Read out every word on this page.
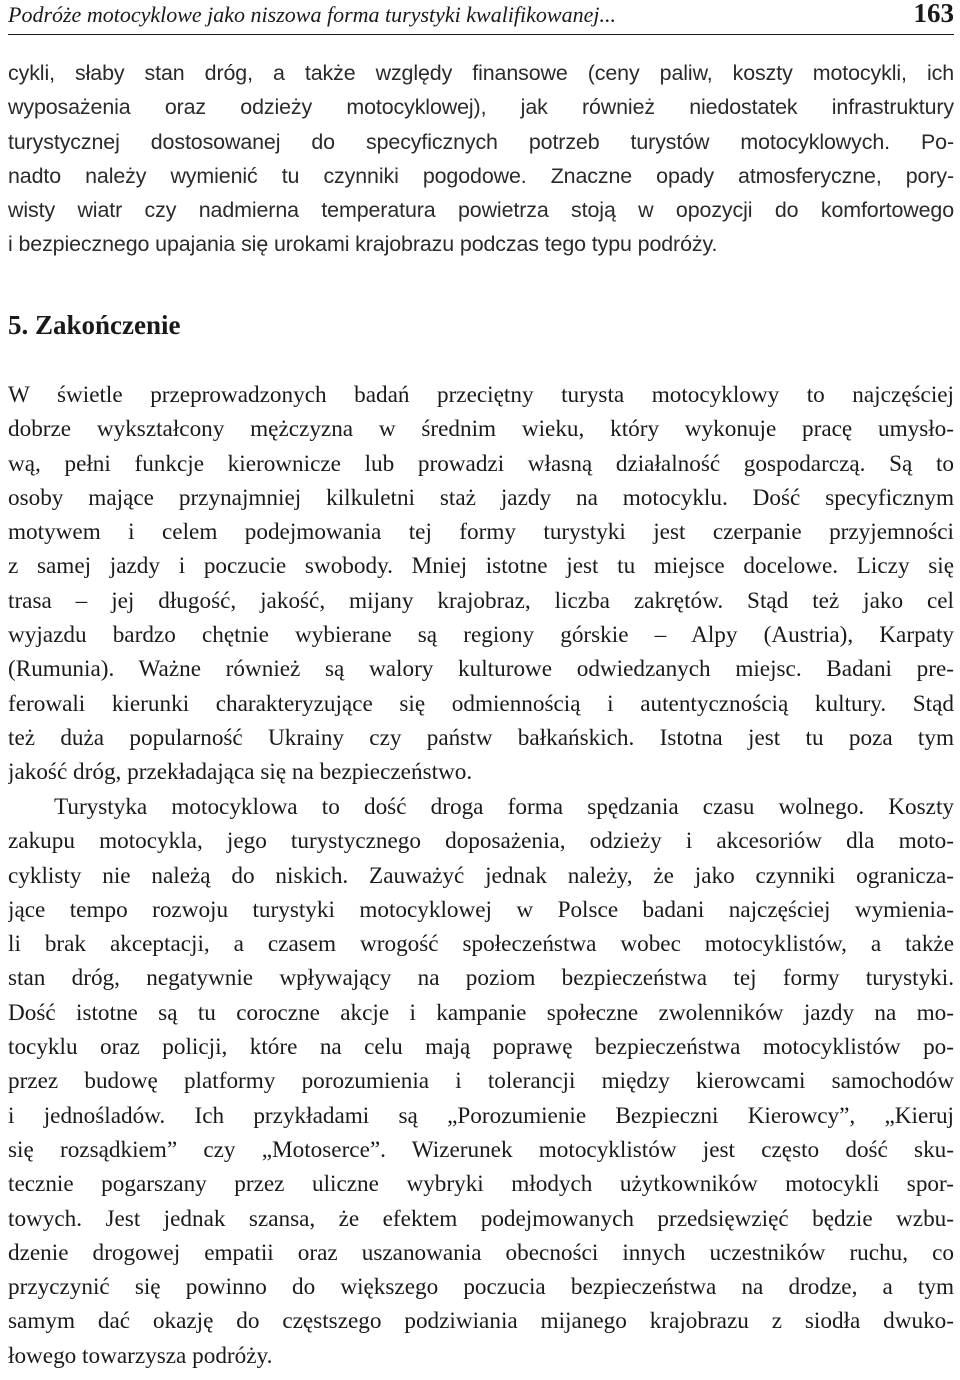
Podróże motocyklowe jako niszowa forma turystyki kwalifikowanej...	163
cykli, słaby stan dróg, a także względy finansowe (ceny paliw, koszty motocykli, ich
wyposażenia oraz odzieży motocyklowej), jak również niedostatek infrastruktury
turystycznej dostosowanej do specyficznych potrzeb turystów motocyklowych. Po-
nadto należy wymienić tu czynniki pogodowe. Znaczne opady atmosferyczne, pory-
wisty wiatr czy nadmierna temperatura powietrza stoją w opozycji do komfortowego
i bezpiecznego upajania się urokami krajobrazu podczas tego typu podróży.
5. Zakończenie
W świetle przeprowadzonych badań przeciętny turysta motocyklowy to najczęściej
dobrze wykształcony mężczyzna w średnim wieku, który wykonuje pracę umysło-
wą, pełni funkcje kierownicze lub prowadzi własną działalność gospodarczą. Są to
osoby mające przynajmniej kilkuletni staż jazdy na motocyklu. Dość specyficznym
motywem i celem podejmowania tej formy turystyki jest czerpanie przyjemności
z samej jazdy i poczucie swobody. Mniej istotne jest tu miejsce docelowe. Liczy się
trasa – jej długość, jakość, mijany krajobraz, liczba zakrętów. Stąd też jako cel
wyjazdu bardzo chętnie wybierane są regiony górskie – Alpy (Austria), Karpaty
(Rumunia). Ważne również są walory kulturowe odwiedzanych miejsc. Badani pre-
ferowali kierunki charakteryzujące się odmiennością i autentycznością kultury. Stąd
też duża popularność Ukrainy czy państw bałkańskich. Istotna jest tu poza tym
jakość dróg, przekładająca się na bezpieczeństwo.
Turystyka motocyklowa to dość droga forma spędzania czasu wolnego. Koszty
zakupu motocykla, jego turystycznego doposażenia, odzieży i akcesoriów dla moto-
cyklisty nie należą do niskich. Zauważyć jednak należy, że jako czynniki ogranicza-
jące tempo rozwoju turystyki motocyklowej w Polsce badani najczęściej wymienia-
li brak akceptacji, a czasem wrogość społeczeństwa wobec motocyklistów, a także
stan dróg, negatywnie wpływający na poziom bezpieczeństwa tej formy turystyki.
Dość istotne są tu coroczne akcje i kampanie społeczne zwolenników jazdy na mo-
tocyklu oraz policji, które na celu mają poprawę bezpieczeństwa motocyklistów po-
przez budowę platformy porozumienia i tolerancji między kierowcami samochodów
i jednośladów. Ich przykładami są „Porozumienie Bezpieczni Kierowcy”, „Kieruj
się rozsądkiem” czy „Motoserce”. Wizerunek motocyklistów jest często dość sku-
tecznie pogarszany przez uliczne wybryki młodych użytkowników motocykli spor-
towych. Jest jednak szansa, że efektem podejmowanych przedsięwzięć będzie wzbu-
dzenie drogowej empatii oraz uszanowania obecności innych uczestników ruchu, co
przyczynić się powinno do większego poczucia bezpieczeństwa na drodze, a tym
samym dać okazję do częstszego podziwiania mijanego krajobrazu z siodła dwuko-
łowego towarzysza podróży.
